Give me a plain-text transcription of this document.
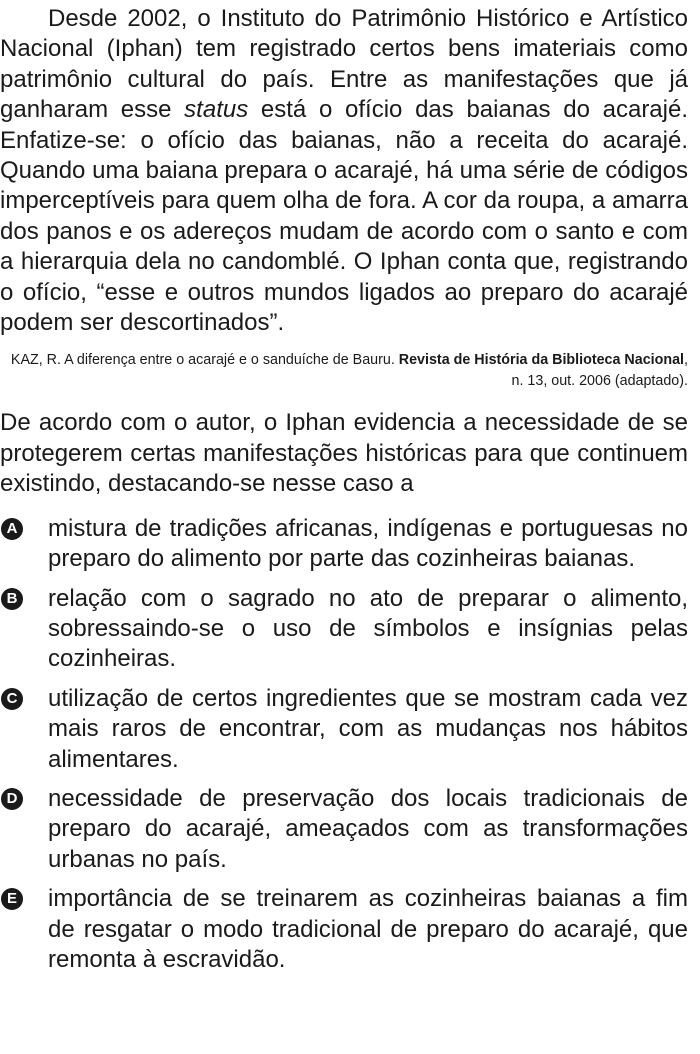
Desde 2002, o Instituto do Patrimônio Histórico e Artístico Nacional (Iphan) tem registrado certos bens imateriais como patrimônio cultural do país. Entre as manifestações que já ganharam esse status está o ofício das baianas do acarajé. Enfatize-se: o ofício das baianas, não a receita do acarajé. Quando uma baiana prepara o acarajé, há uma série de códigos imperceptíveis para quem olha de fora. A cor da roupa, a amarra dos panos e os adereços mudam de acordo com o santo e com a hierarquia dela no candomblé. O Iphan conta que, registrando o ofício, “esse e outros mundos ligados ao preparo do acarajé podem ser descortinados”.

KAZ, R. A diferença entre o acarajé e o sanduíche de Bauru. Revista de História da Biblioteca Nacional, n. 13, out. 2006 (adaptado).

De acordo com o autor, o Iphan evidencia a necessidade de se protegerem certas manifestações históricas para que continuem existindo, destacando-se nesse caso a

A mistura de tradições africanas, indígenas e portuguesas no preparo do alimento por parte das cozinheiras baianas.
B relação com o sagrado no ato de preparar o alimento, sobressaindo-se o uso de símbolos e insígnias pelas cozinheiras.
C utilização de certos ingredientes que se mostram cada vez mais raros de encontrar, com as mudanças nos hábitos alimentares.
D necessidade de preservação dos locais tradicionais de preparo do acarajé, ameaçados com as transformações urbanas no país.
E importância de se treinarem as cozinheiras baianas a fim de resgatar o modo tradicional de preparo do acarajé, que remonta à escravidão.
